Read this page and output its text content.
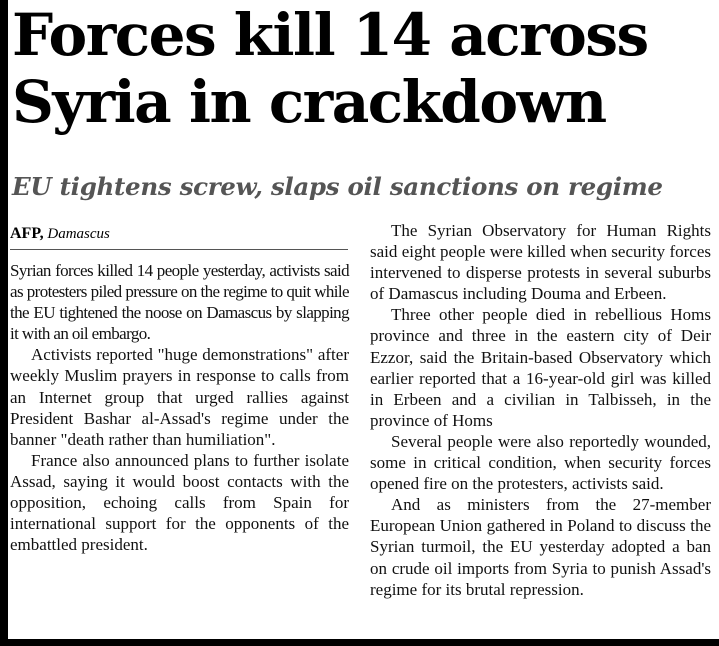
Forces kill 14 across
Syria in crackdown
EU tightens screw, slaps oil sanctions on regime
AFP, Damascus

Syrian forces killed 14 people yesterday, activists said as protesters piled pressure on the regime to quit while the EU tightened the noose on Damascus by slapping it with an oil embargo.

Activists reported "huge demonstrations" after weekly Muslim prayers in response to calls from an Internet group that urged rallies against President Bashar al-Assad's regime under the banner "death rather than humiliation".

France also announced plans to further isolate Assad, saying it would boost contacts with the opposition, echoing calls from Spain for international support for the opponents of the embattled president.

The Syrian Observatory for Human Rights said eight people were killed when security forces intervened to disperse protests in several suburbs of Damascus including Douma and Erbeen.

Three other people died in rebellious Homs province and three in the eastern city of Deir Ezzor, said the Britain-based Observatory which earlier reported that a 16-year-old girl was killed in Erbeen and a civilian in Talbisseh, in the province of Homs

Several people were also reportedly wounded, some in critical condition, when security forces opened fire on the protesters, activists said.

And as ministers from the 27-member European Union gathered in Poland to discuss the Syrian turmoil, the EU yesterday adopted a ban on crude oil imports from Syria to punish Assad's regime for its brutal repression.
